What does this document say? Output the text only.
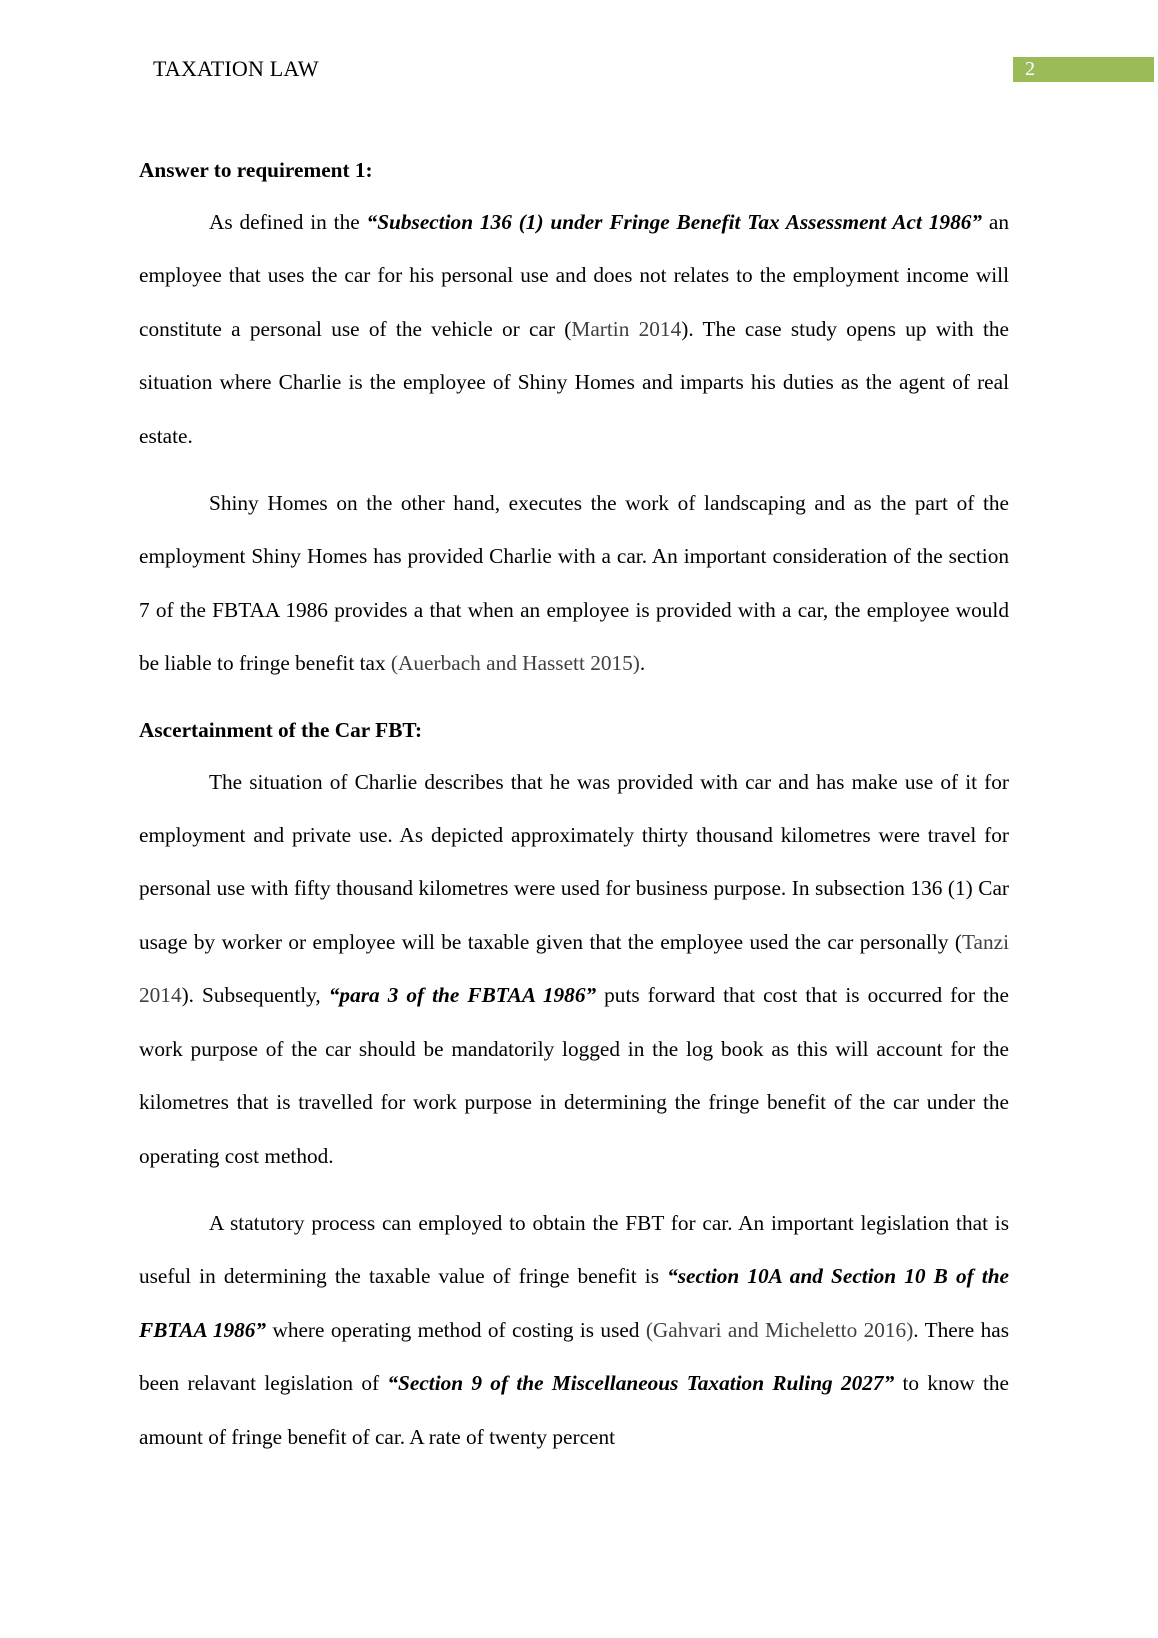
TAXATION LAW	2

Answer to requirement 1:

As defined in the “Subsection 136 (1) under Fringe Benefit Tax Assessment Act 1986” an employee that uses the car for his personal use and does not relates to the employment income will constitute a personal use of the vehicle or car (Martin 2014). The case study opens up with the situation where Charlie is the employee of Shiny Homes and imparts his duties as the agent of real estate.

Shiny Homes on the other hand, executes the work of landscaping and as the part of the employment Shiny Homes has provided Charlie with a car. An important consideration of the section 7 of the FBTAA 1986 provides a that when an employee is provided with a car, the employee would be liable to fringe benefit tax (Auerbach and Hassett 2015).

Ascertainment of the Car FBT:

The situation of Charlie describes that he was provided with car and has make use of it for employment and private use. As depicted approximately thirty thousand kilometres were travel for personal use with fifty thousand kilometres were used for business purpose. In subsection 136 (1) Car usage by worker or employee will be taxable given that the employee used the car personally (Tanzi 2014). Subsequently, “para 3 of the FBTAA 1986” puts forward that cost that is occurred for the work purpose of the car should be mandatorily logged in the log book as this will account for the kilometres that is travelled for work purpose in determining the fringe benefit of the car under the operating cost method.

A statutory process can employed to obtain the FBT for car. An important legislation that is useful in determining the taxable value of fringe benefit is “section 10A and Section 10 B of the FBTAA 1986” where operating method of costing is used (Gahvari and Micheletto 2016). There has been relavant legislation of “Section 9 of the Miscellaneous Taxation Ruling 2027” to know the amount of fringe benefit of car. A rate of twenty percent
